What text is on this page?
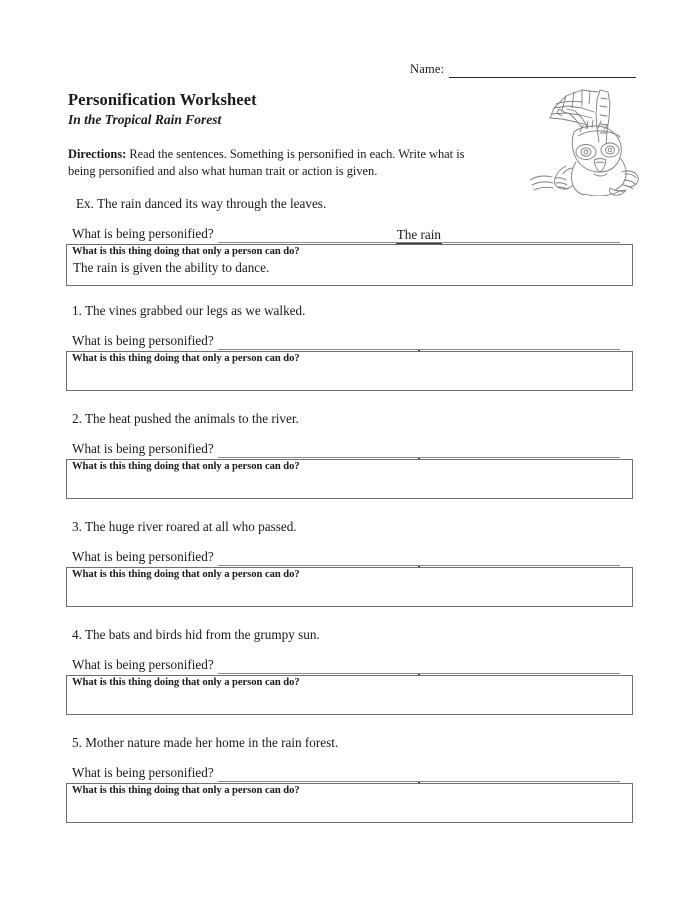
Name:
Personification Worksheet
In the Tropical Rain Forest
Directions: Read the sentences. Something is personified in each. Write what is being personified and also what human trait or action is given.
Ex. The rain danced its way through the leaves.
What is being personified?	The rain
What is this thing doing that only a person can do?
The rain is given the ability to dance.
1. The vines grabbed our legs as we walked.
What is being personified?
What is this thing doing that only a person can do?
2. The heat pushed the animals to the river.
What is being personified?
What is this thing doing that only a person can do?
3. The huge river roared at all who passed.
What is being personified?
What is this thing doing that only a person can do?
4. The bats and birds hid from the grumpy sun.
What is being personified?
What is this thing doing that only a person can do?
5. Mother nature made her home in the rain forest.
What is being personified?
What is this thing doing that only a person can do?
